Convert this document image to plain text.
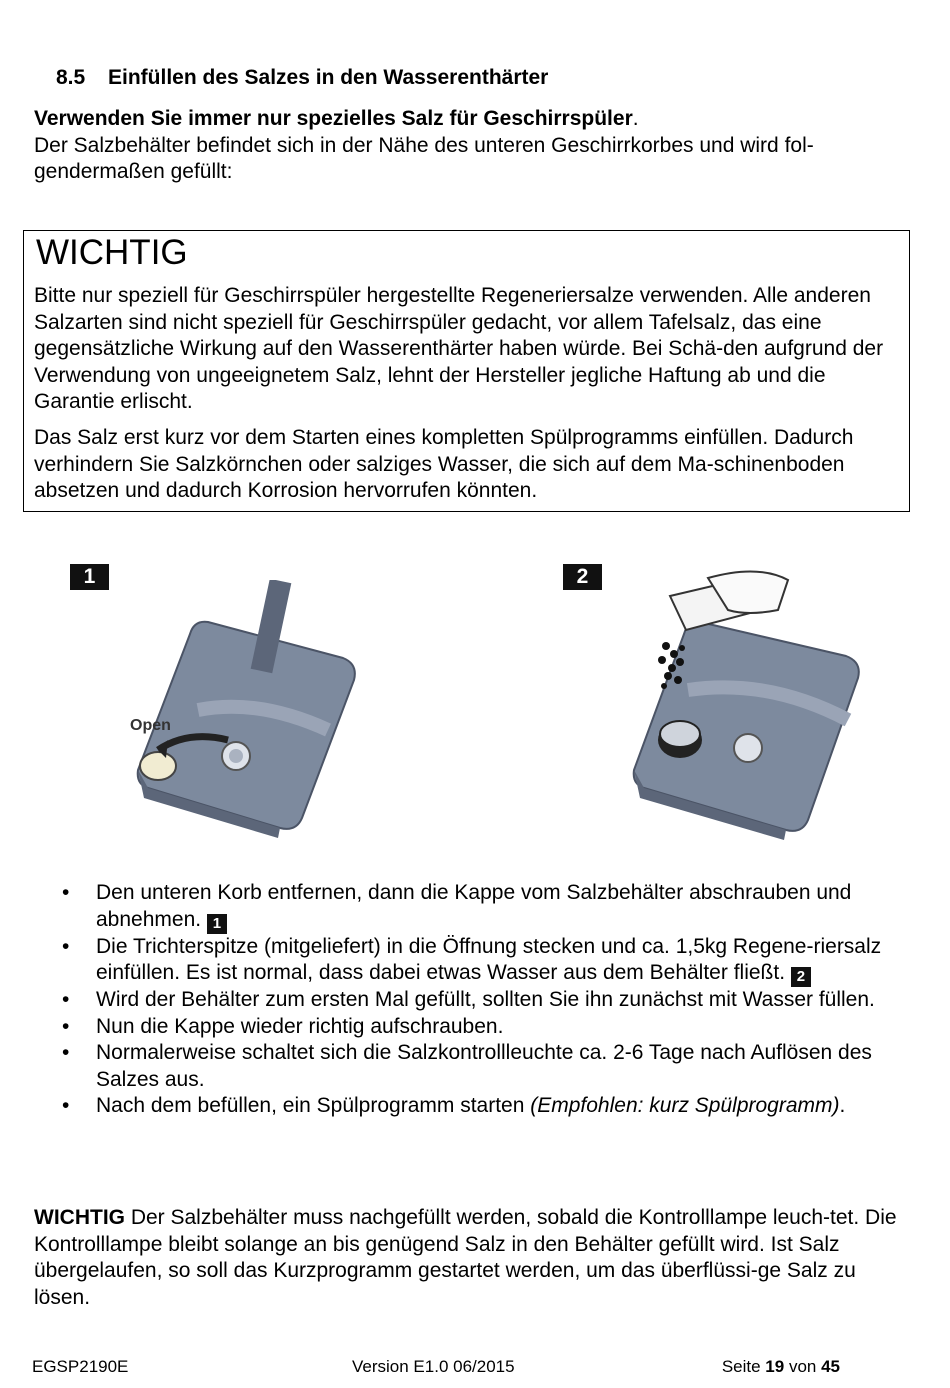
8.5 Einfüllen des Salzes in den Wasserenthärter
Verwenden Sie immer nur spezielles Salz für Geschirrspüler.
Der Salzbehälter befindet sich in der Nähe des unteren Geschirrkorbes und wird fol-gendermaßen gefüllt:
WICHTIG
Bitte nur speziell für Geschirrspüler hergestellte Regeneriersalze verwenden. Alle anderen Salzarten sind nicht speziell für Geschirrspüler gedacht, vor allem Tafelsalz, das eine gegensätzliche Wirkung auf den Wasserenthärter haben würde. Bei Schä-den aufgrund der Verwendung von ungeeignetem Salz, lehnt der Hersteller jegliche Haftung ab und die Garantie erlischt.
Das Salz erst kurz vor dem Starten eines kompletten Spülprogramms einfüllen. Dadurch verhindern Sie Salzkörnchen oder salziges Wasser, die sich auf dem Ma-schinenboden absetzen und dadurch Korrosion hervorrufen könnten.
1	2
Open
• Den unteren Korb entfernen, dann die Kappe vom Salzbehälter abschrauben und abnehmen. 1
• Die Trichterspitze (mitgeliefert) in die Öffnung stecken und ca. 1,5kg Regene-riersalz einfüllen. Es ist normal, dass dabei etwas Wasser aus dem Behälter fließt. 2
• Wird der Behälter zum ersten Mal gefüllt, sollten Sie ihn zunächst mit Wasser füllen.
• Nun die Kappe wieder richtig aufschrauben.
• Normalerweise schaltet sich die Salzkontrollleuchte ca. 2-6 Tage nach Auflösen des Salzes aus.
• Nach dem befüllen, ein Spülprogramm starten (Empfohlen: kurz Spülprogramm).
WICHTIG Der Salzbehälter muss nachgefüllt werden, sobald die Kontrolllampe leuch-tet. Die Kontrolllampe bleibt solange an bis genügend Salz in den Behälter gefüllt wird. Ist Salz übergelaufen, so soll das Kurzprogramm gestartet werden, um das überflüssi-ge Salz zu lösen.
EGSP2190E	Version E1.0 06/2015	Seite 19 von 45
